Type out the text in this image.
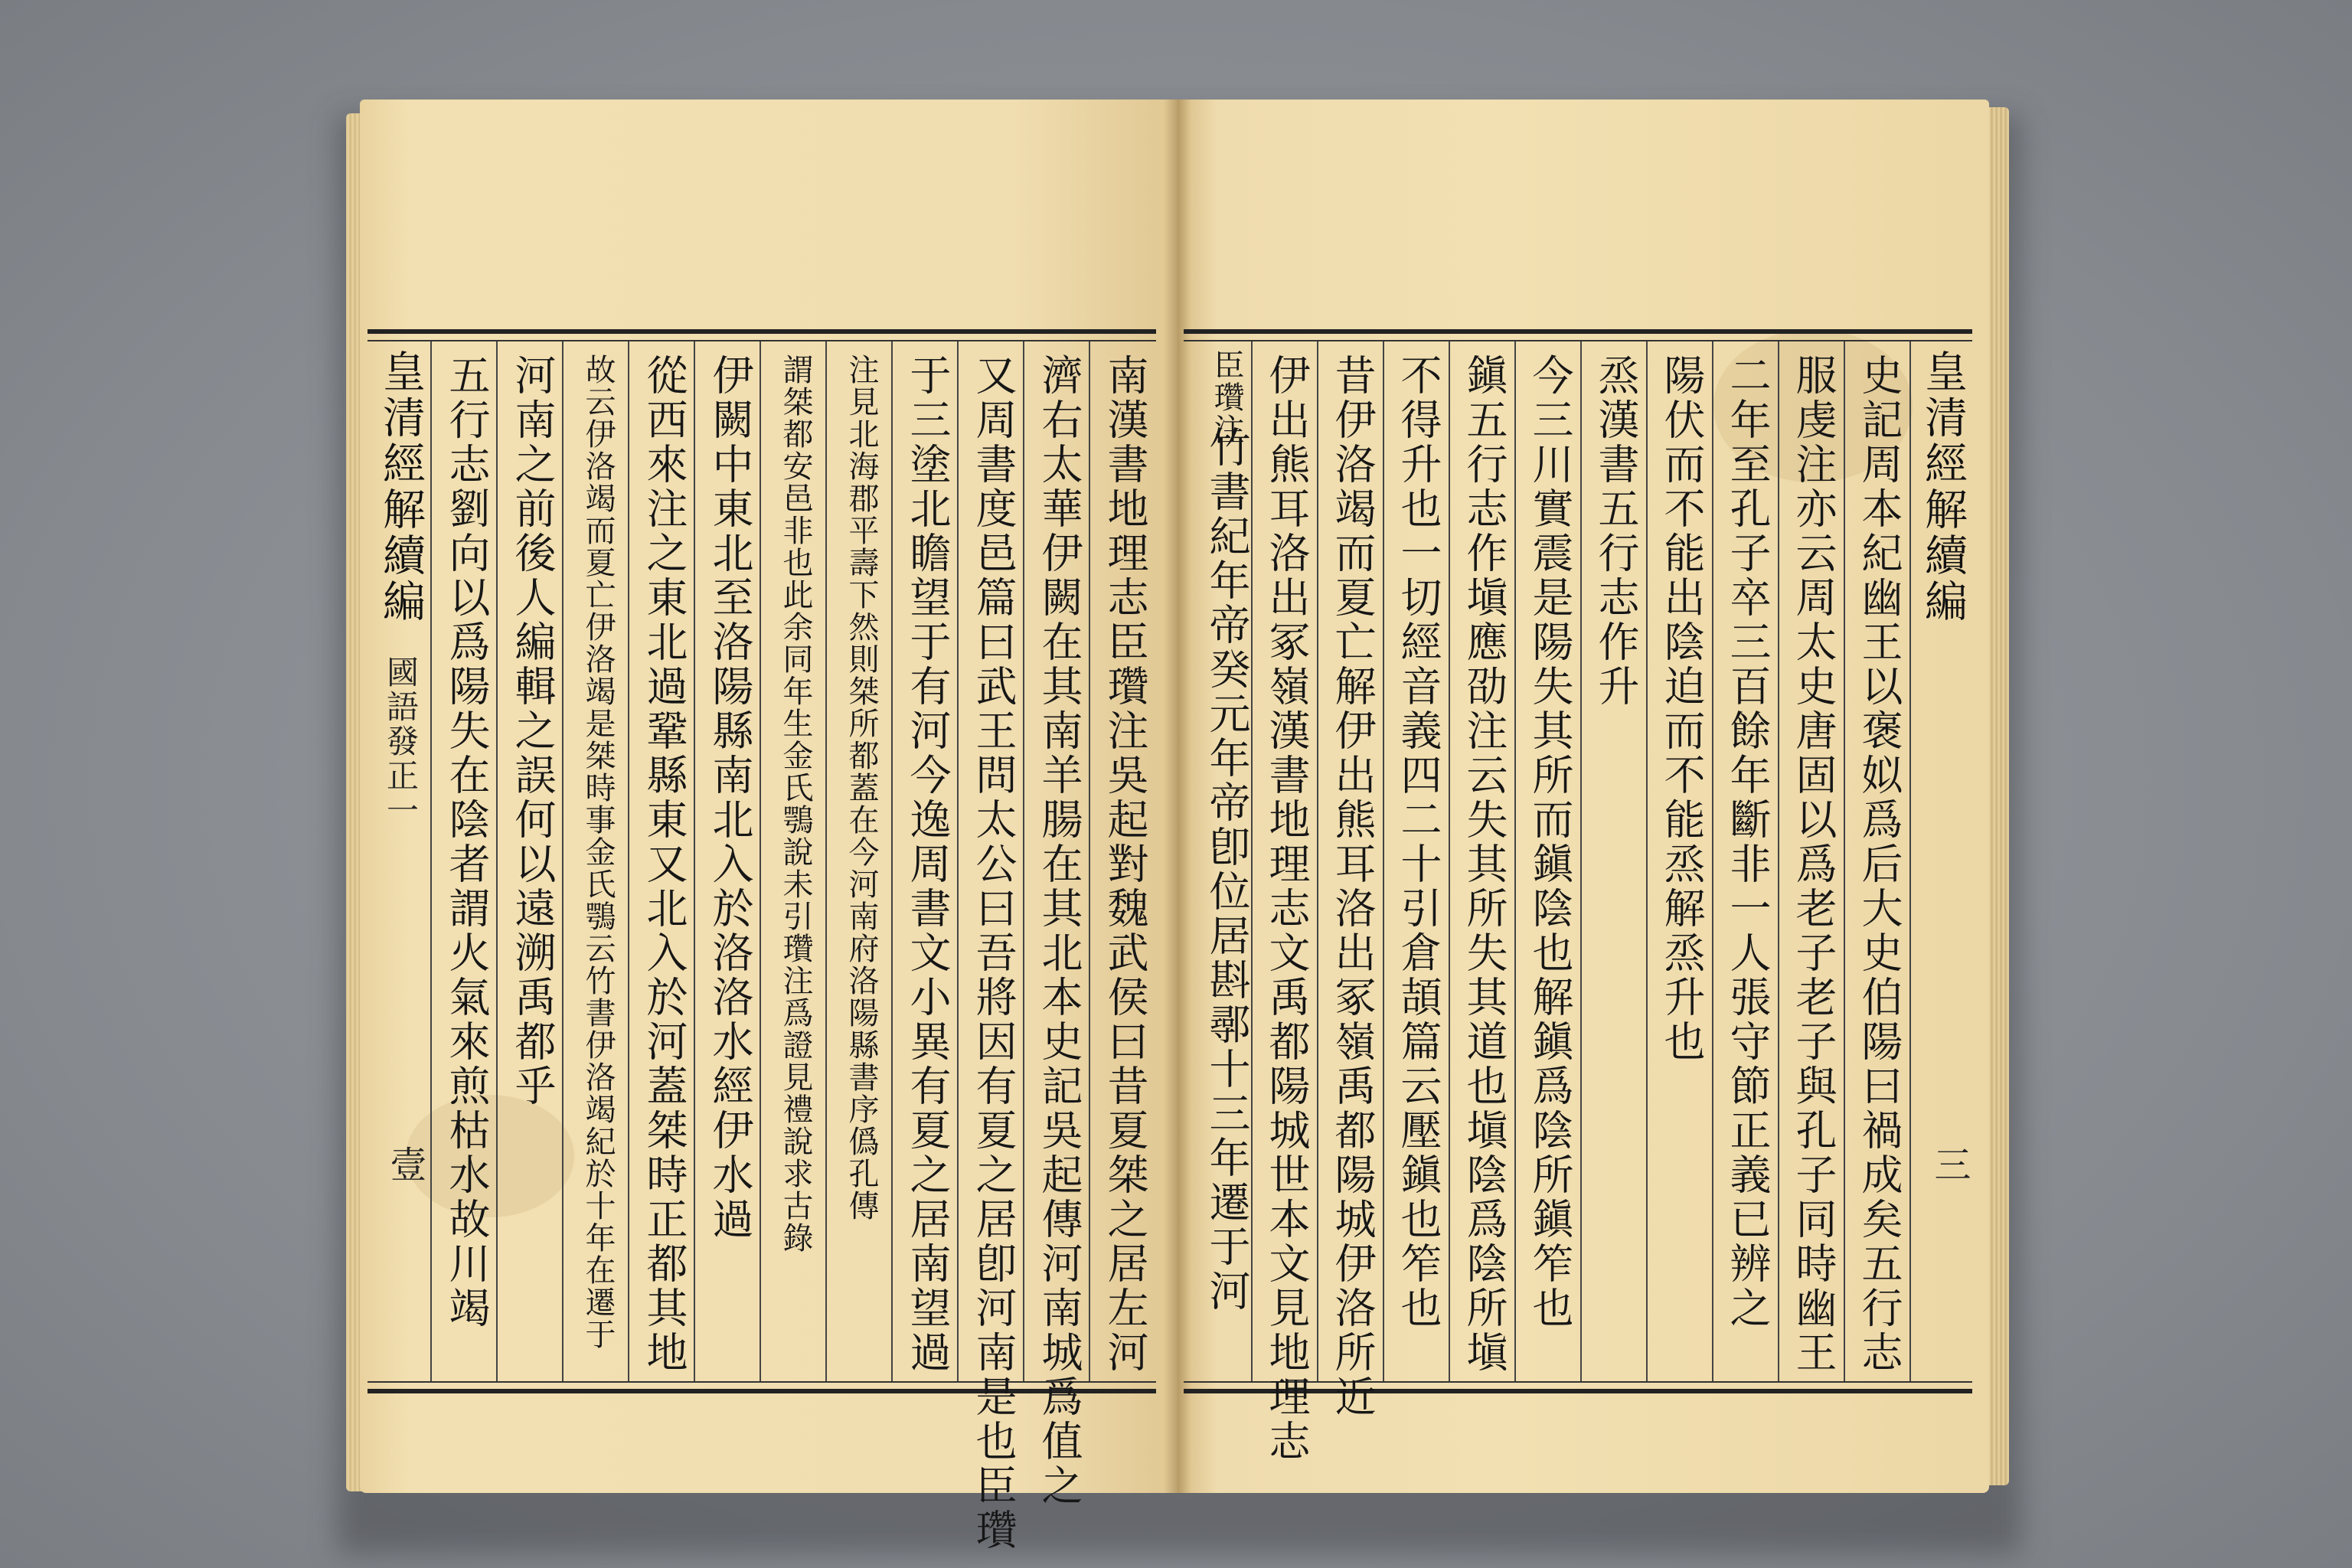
南漢書地理志臣瓚注吳起對魏武侯曰昔夏桀之居左河
濟右太華伊闕在其南羊腸在其北本史記吳起傳河南城爲值之
又周書度邑篇曰武王問太公曰吾將因有夏之居卽河南是也臣瓚
于三塗北瞻望于有河今逸周書文小異有夏之居南望過
注見北海郡平壽下然則桀所都蓋在今河南府洛陽縣書序僞孔傳
謂桀都安邑非也此余同年生金氏鶚說未引瓚注爲證見禮說求古錄
伊闕中東北至洛陽縣南北入於洛洛水經伊水過
從西來注之東北過鞏縣東又北入於河蓋桀時正都其地
故云伊洛竭而夏亡伊洛竭是桀時事金氏鶚云竹書伊洛竭紀於十年在遷于
河南之前後人編輯之誤何以遠溯禹都乎
五行志劉向以爲陽失在陰者謂火氣來煎枯水故川竭
皇清經解續編
國語發正一
壹
皇清經解續編
三
史記周本紀幽王以褒姒爲后大史伯陽曰禍成矣五行志
服虔注亦云周太史唐固以爲老子老子與孔子同時幽王
二年至孔子卒三百餘年斷非一人張守節正義已辨之
陽伏而不能出陰迫而不能烝解烝升也
烝漢書五行志作升
今三川實震是陽失其所而鎭陰也解鎭爲陰所鎭笮也
鎭五行志作塡應劭注云失其所失其道也塡陰爲陰所塡
不得升也一切經音義四二十引倉頡篇云壓鎭也笮也
昔伊洛竭而夏亡解伊出熊耳洛出冢嶺禹都陽城伊洛所近
伊出熊耳洛出冢嶺漢書地理志文禹都陽城世本文見地理志
竹書紀年帝癸元年帝卽位居斟鄩十三年遷于河
臣瓚注
